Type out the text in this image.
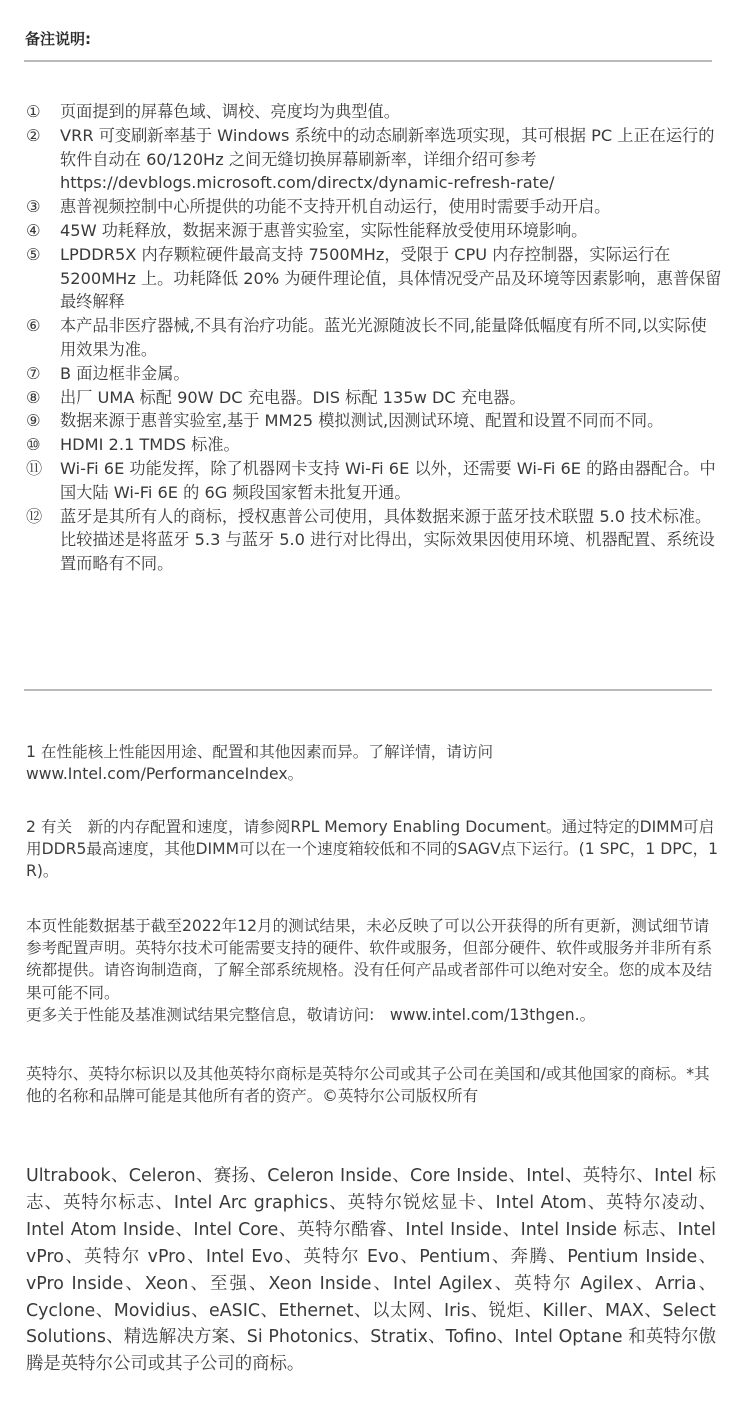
备注说明:
①	页面提到的屏幕色域、调校、亮度均为典型值。
②	VRR 可变刷新率基于 Windows 系统中的动态刷新率选项实现，其可根据 PC 上正在运行的软件自动在 60/120Hz 之间无缝切换屏幕刷新率，详细介绍可参考 https://devblogs.microsoft.com/directx/dynamic-refresh-rate/
③	惠普视频控制中心所提供的功能不支持开机自动运行，使用时需要手动开启。
④	45W 功耗释放，数据来源于惠普实验室，实际性能释放受使用环境影响。
⑤	LPDDR5X 内存颗粒硬件最高支持 7500MHz，受限于 CPU 内存控制器，实际运行在 5200MHz 上。功耗降低 20% 为硬件理论值，具体情况受产品及环境等因素影响，惠普保留最终解释
⑥	本产品非医疗器械,不具有治疗功能。蓝光光源随波长不同,能量降低幅度有所不同,以实际使用效果为准。
⑦	B 面边框非金属。
⑧	出厂 UMA 标配 90W DC 充电器。DIS 标配 135w DC 充电器。
⑨	数据来源于惠普实验室,基于 MM25 模拟测试,因测试环境、配置和设置不同而不同。
⑩	HDMI 2.1 TMDS 标准。
⑪	Wi-Fi 6E 功能发挥，除了机器网卡支持 Wi-Fi 6E 以外，还需要 Wi-Fi 6E 的路由器配合。中国大陆 Wi-Fi 6E 的 6G 频段国家暂未批复开通。
⑫	蓝牙是其所有人的商标，授权惠普公司使用，具体数据来源于蓝牙技术联盟 5.0 技术标准。比较描述是将蓝牙 5.3 与蓝牙 5.0 进行对比得出，实际效果因使用环境、机器配置、系统设置而略有不同。

1 在性能核上性能因用途、配置和其他因素而异。了解详情，请访问 www.Intel.com/PerformanceIndex。

2 有关　新的内存配置和速度，请参阅RPL Memory Enabling Document。通过特定的DIMM可启用DDR5最高速度，其他DIMM可以在一个速度箱较低和不同的SAGV点下运行。(1 SPC，1 DPC，1 R)。

本页性能数据基于截至2022年12月的测试结果，未必反映了可以公开获得的所有更新，测试细节请参考配置声明。英特尔技术可能需要支持的硬件、软件或服务，但部分硬件、软件或服务并非所有系统都提供。请咨询制造商，了解全部系统规格。没有任何产品或者部件可以绝对安全。您的成本及结果可能不同。

更多关于性能及基准测试结果完整信息，敬请访问:　www.intel.com/13thgen.。

英特尔、英特尔标识以及其他英特尔商标是英特尔公司或其子公司在美国和/或其他国家的商标。*其他的名称和品牌可能是其他所有者的资产。©英特尔公司版权所有

Ultrabook、Celeron、赛扬、Celeron Inside、Core Inside、Intel、英特尔、Intel 标志、英特尔标志、Intel Arc graphics、英特尔锐炫显卡、Intel Atom、英特尔凌动、Intel Atom Inside、Intel Core、英特尔酷睿、Intel Inside、Intel Inside 标志、Intel vPro、英特尔 vPro、Intel Evo、英特尔 Evo、Pentium、奔腾、Pentium Inside、vPro Inside、Xeon、至强、Xeon Inside、Intel Agilex、英特尔 Agilex、Arria、Cyclone、Movidius、eASIC、Ethernet、以太网、Iris、锐炬、Killer、MAX、Select Solutions、精选解决方案、Si Photonics、Stratix、Tofino、Intel Optane 和英特尔傲腾是英特尔公司或其子公司的商标。
